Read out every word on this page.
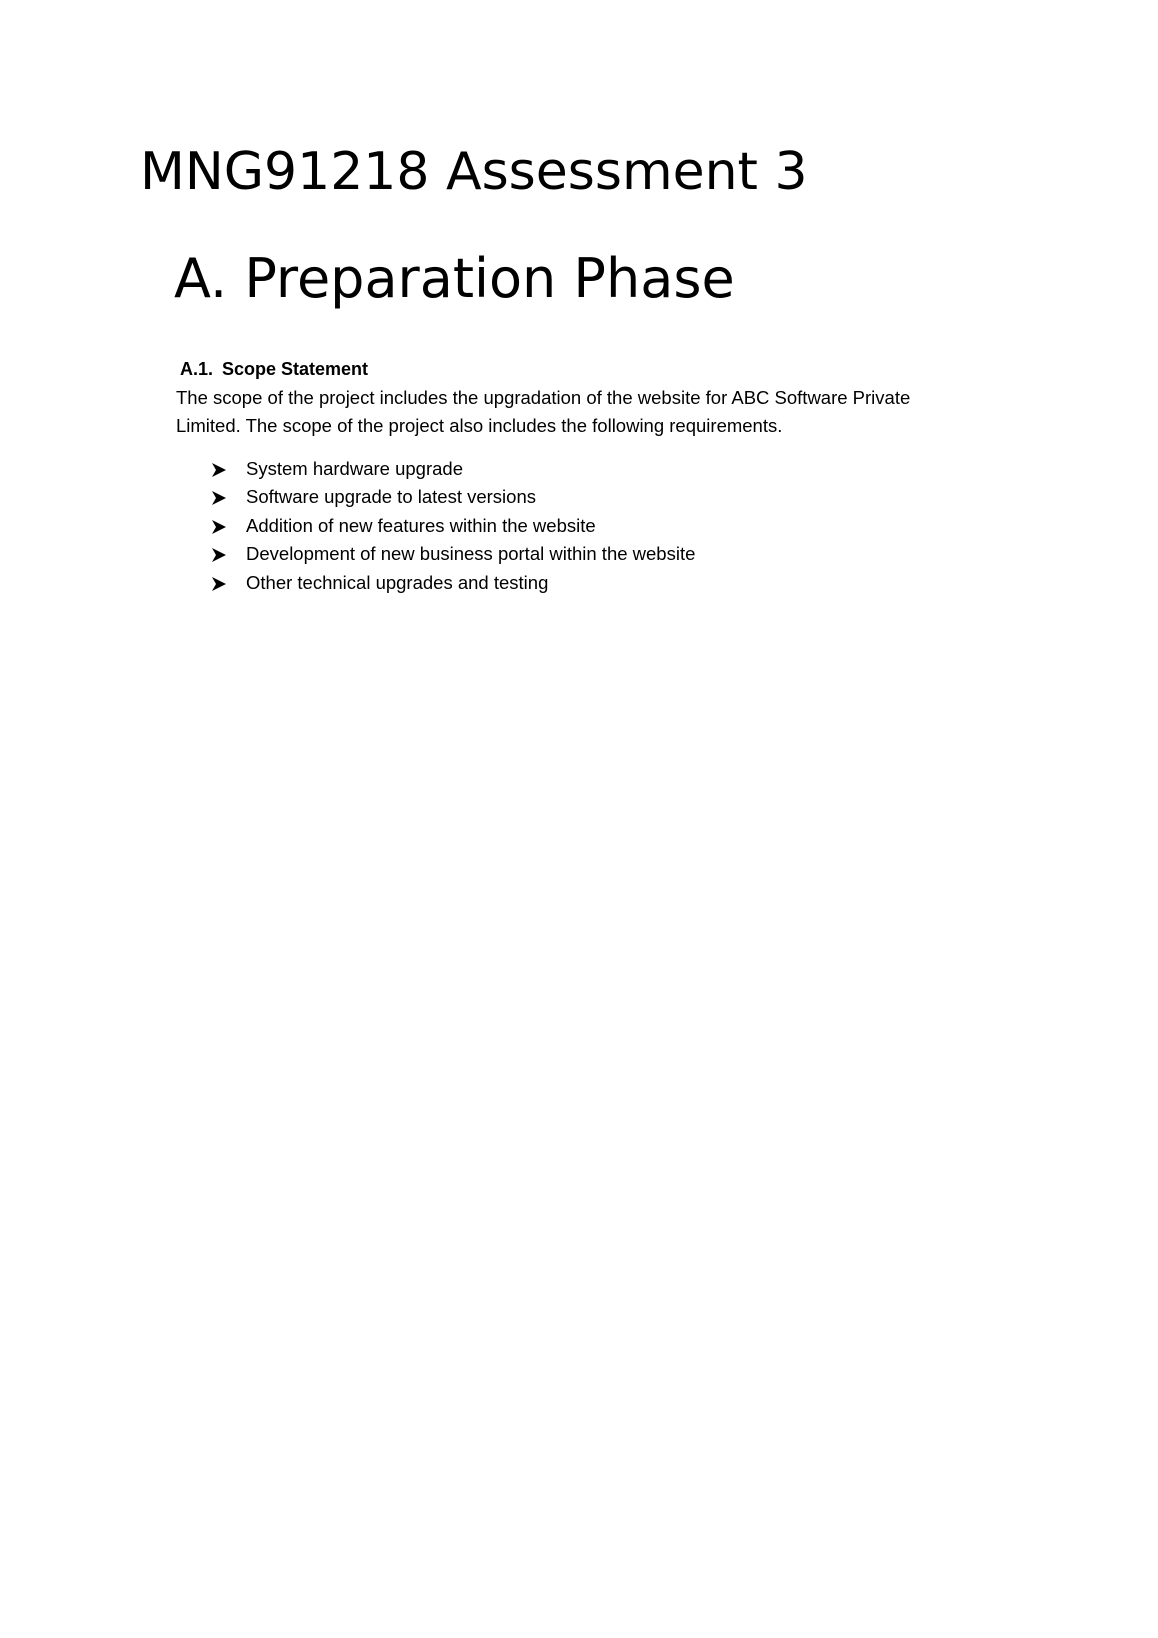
MNG91218 Assessment 3
A. Preparation Phase
A.1. Scope Statement

The scope of the project includes the upgradation of the website for ABC Software Private Limited. The scope of the project also includes the following requirements.

System hardware upgrade
Software upgrade to latest versions
Addition of new features within the website
Development of new business portal within the website
Other technical upgrades and testing
